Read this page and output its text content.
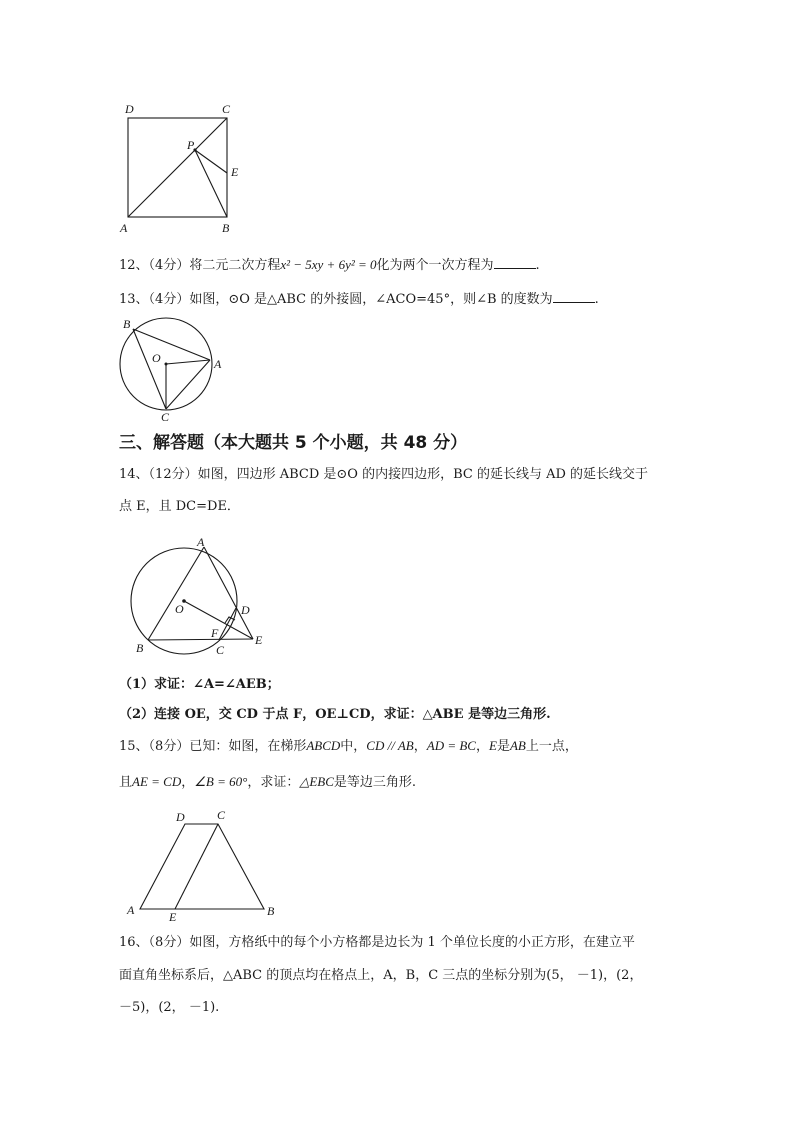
D	C
P
E
A	B
12、（4分）将二元二次方程x² − 5xy + 6y² = 0化为两个一次方程为	.
13、（4分）如图，⊙O 是△ABC 的外接圆，∠ACO=45°，则∠B 的度数为	.
B
O	A
C
三、解答题（本大题共 5 个小题，共 48 分）
14、（12分）如图，四边形 ABCD 是⊙O 的内接四边形，BC 的延长线与 AD 的延长线交于
点 E，且 DC=DE．
A
O	D
F	E
B	C
（1）求证：∠A=∠AEB；
（2）连接 OE，交 CD 于点 F，OE⊥CD，求证：△ABE 是等边三角形.
15、（8分）已知：如图，在梯形ABCD中，CD // AB，AD = BC，E是AB上一点，
且AE = CD，∠B = 60°，求证：△EBC是等边三角形.
D	C
A	E	B
16、（8分）如图，方格纸中的每个小方格都是边长为 1 个单位长度的小正方形，在建立平
面直角坐标系后，△ABC 的顶点均在格点上，A，B，C 三点的坐标分别为(5， －1)，(2，
－5)，(2， －1).
